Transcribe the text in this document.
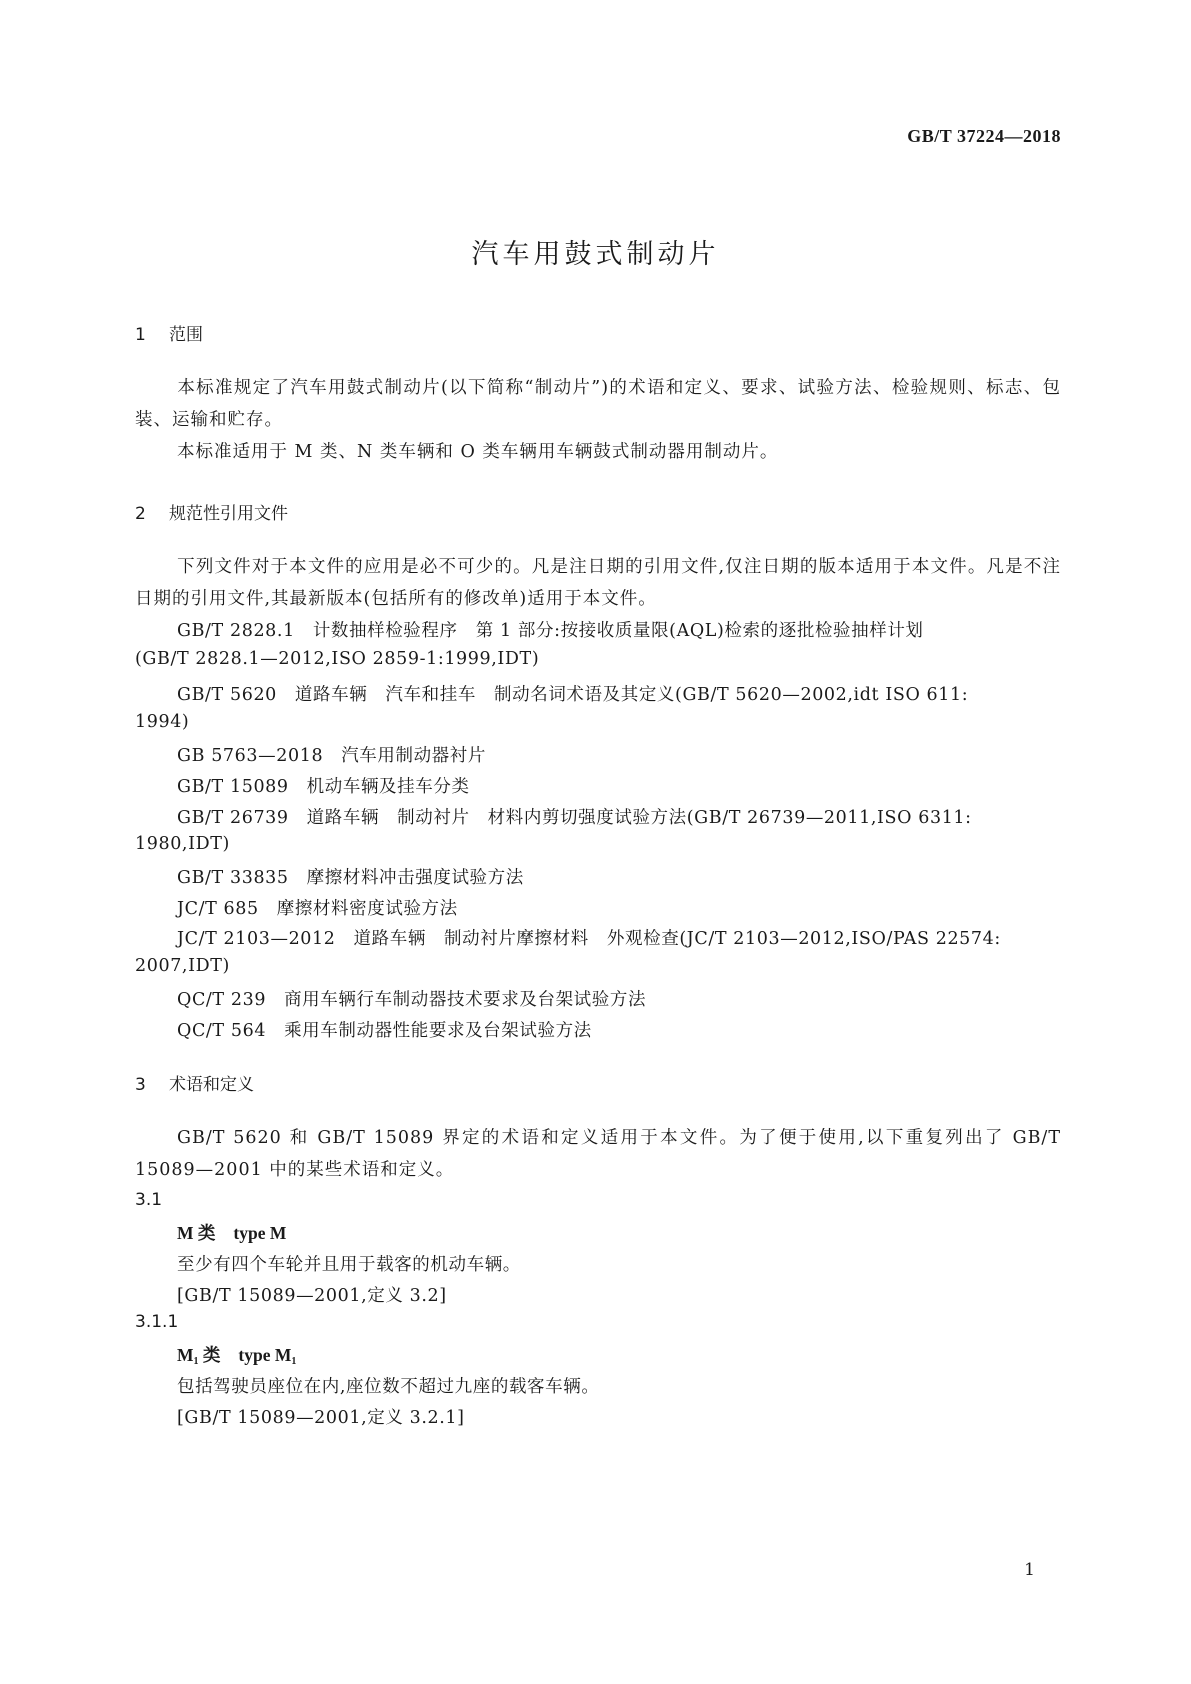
GB/T 37224—2018
汽车用鼓式制动片
1 范围
本标准规定了汽车用鼓式制动片(以下简称“制动片”)的术语和定义、要求、试验方法、检验规则、标志、包装、运输和贮存。
本标准适用于 M 类、N 类车辆和 O 类车辆用车辆鼓式制动器用制动片。
2 规范性引用文件
下列文件对于本文件的应用是必不可少的。凡是注日期的引用文件,仅注日期的版本适用于本文件。凡是不注日期的引用文件,其最新版本(包括所有的修改单)适用于本文件。
GB/T 2828.1 计数抽样检验程序　第 1 部分:按接收质量限(AQL)检索的逐批检验抽样计划
(GB/T 2828.1—2012,ISO 2859-1:1999,IDT)
GB/T 5620 道路车辆　汽车和挂车　制动名词术语及其定义(GB/T 5620—2002,idt ISO 611:
1994)
GB 5763—2018 汽车用制动器衬片
GB/T 15089 机动车辆及挂车分类
GB/T 26739 道路车辆　制动衬片　材料内剪切强度试验方法(GB/T 26739—2011,ISO 6311:
1980,IDT)
GB/T 33835 摩擦材料冲击强度试验方法
JC/T 685 摩擦材料密度试验方法
JC/T 2103—2012 道路车辆　制动衬片摩擦材料　外观检查(JC/T 2103—2012,ISO/PAS 22574:
2007,IDT)
QC/T 239 商用车辆行车制动器技术要求及台架试验方法
QC/T 564 乘用车制动器性能要求及台架试验方法
3 术语和定义
GB/T 5620 和 GB/T 15089 界定的术语和定义适用于本文件。为了便于使用,以下重复列出了 GB/T 15089—2001 中的某些术语和定义。
3.1
M 类 type M
至少有四个车轮并且用于载客的机动车辆。
[GB/T 15089—2001,定义 3.2]
3.1.1
$M_1$ 类 type $M_1$
包括驾驶员座位在内,座位数不超过九座的载客车辆。
[GB/T 15089—2001,定义 3.2.1]
1
